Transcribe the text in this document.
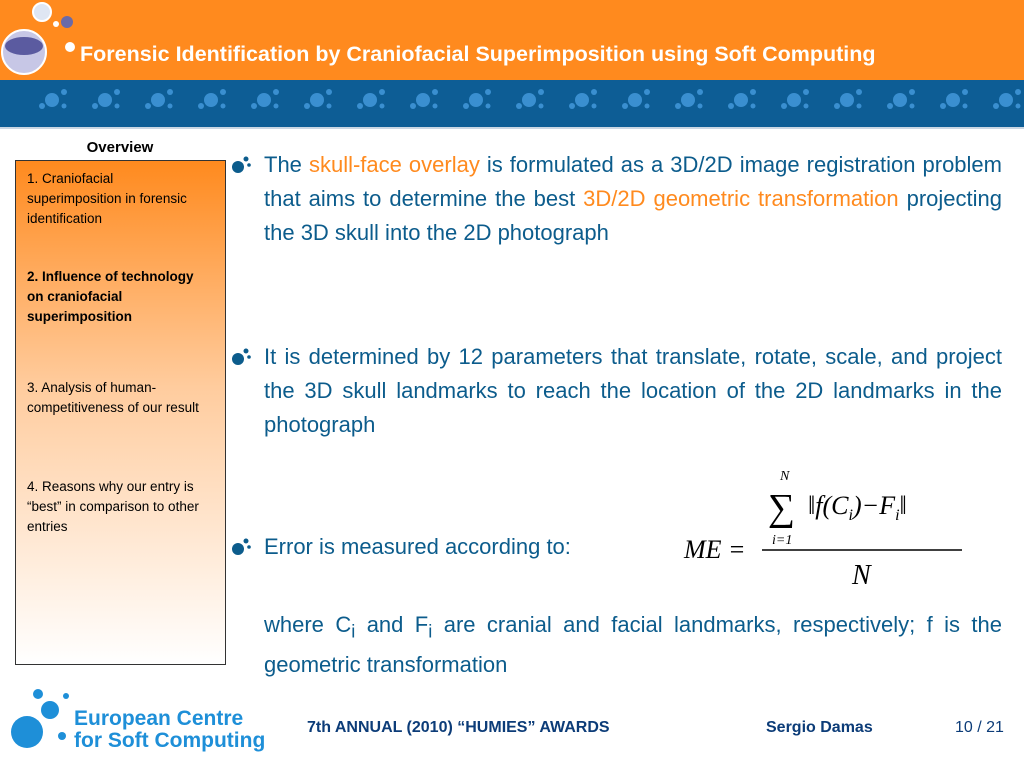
Forensic Identification by Craniofacial Superimposition using Soft Computing
Overview
1. Craniofacial superimposition in forensic identification
2. Influence of technology on craniofacial superimposition
3. Analysis of human-competitiveness of our result
4. Reasons why our entry is “best” in comparison to other entries
The skull-face overlay is formulated as a 3D/2D image registration problem that aims to determine the best 3D/2D geometric transformation projecting the 3D skull into the 2D photograph
It is determined by 12 parameters that translate, rotate, scale, and project the 3D skull landmarks to reach the location of the 2D landmarks in the photograph
Error is measured according to:
where $C_i$ and $F_i$ are cranial and facial landmarks, respectively; f is the geometric transformation
ME =
N
∑
i=1
$‖f(C_i)-F_i‖$
N
European Centre
for Soft Computing
7th ANNUAL (2010) “HUMIES” AWARDS	Sergio Damas	10 / 21
